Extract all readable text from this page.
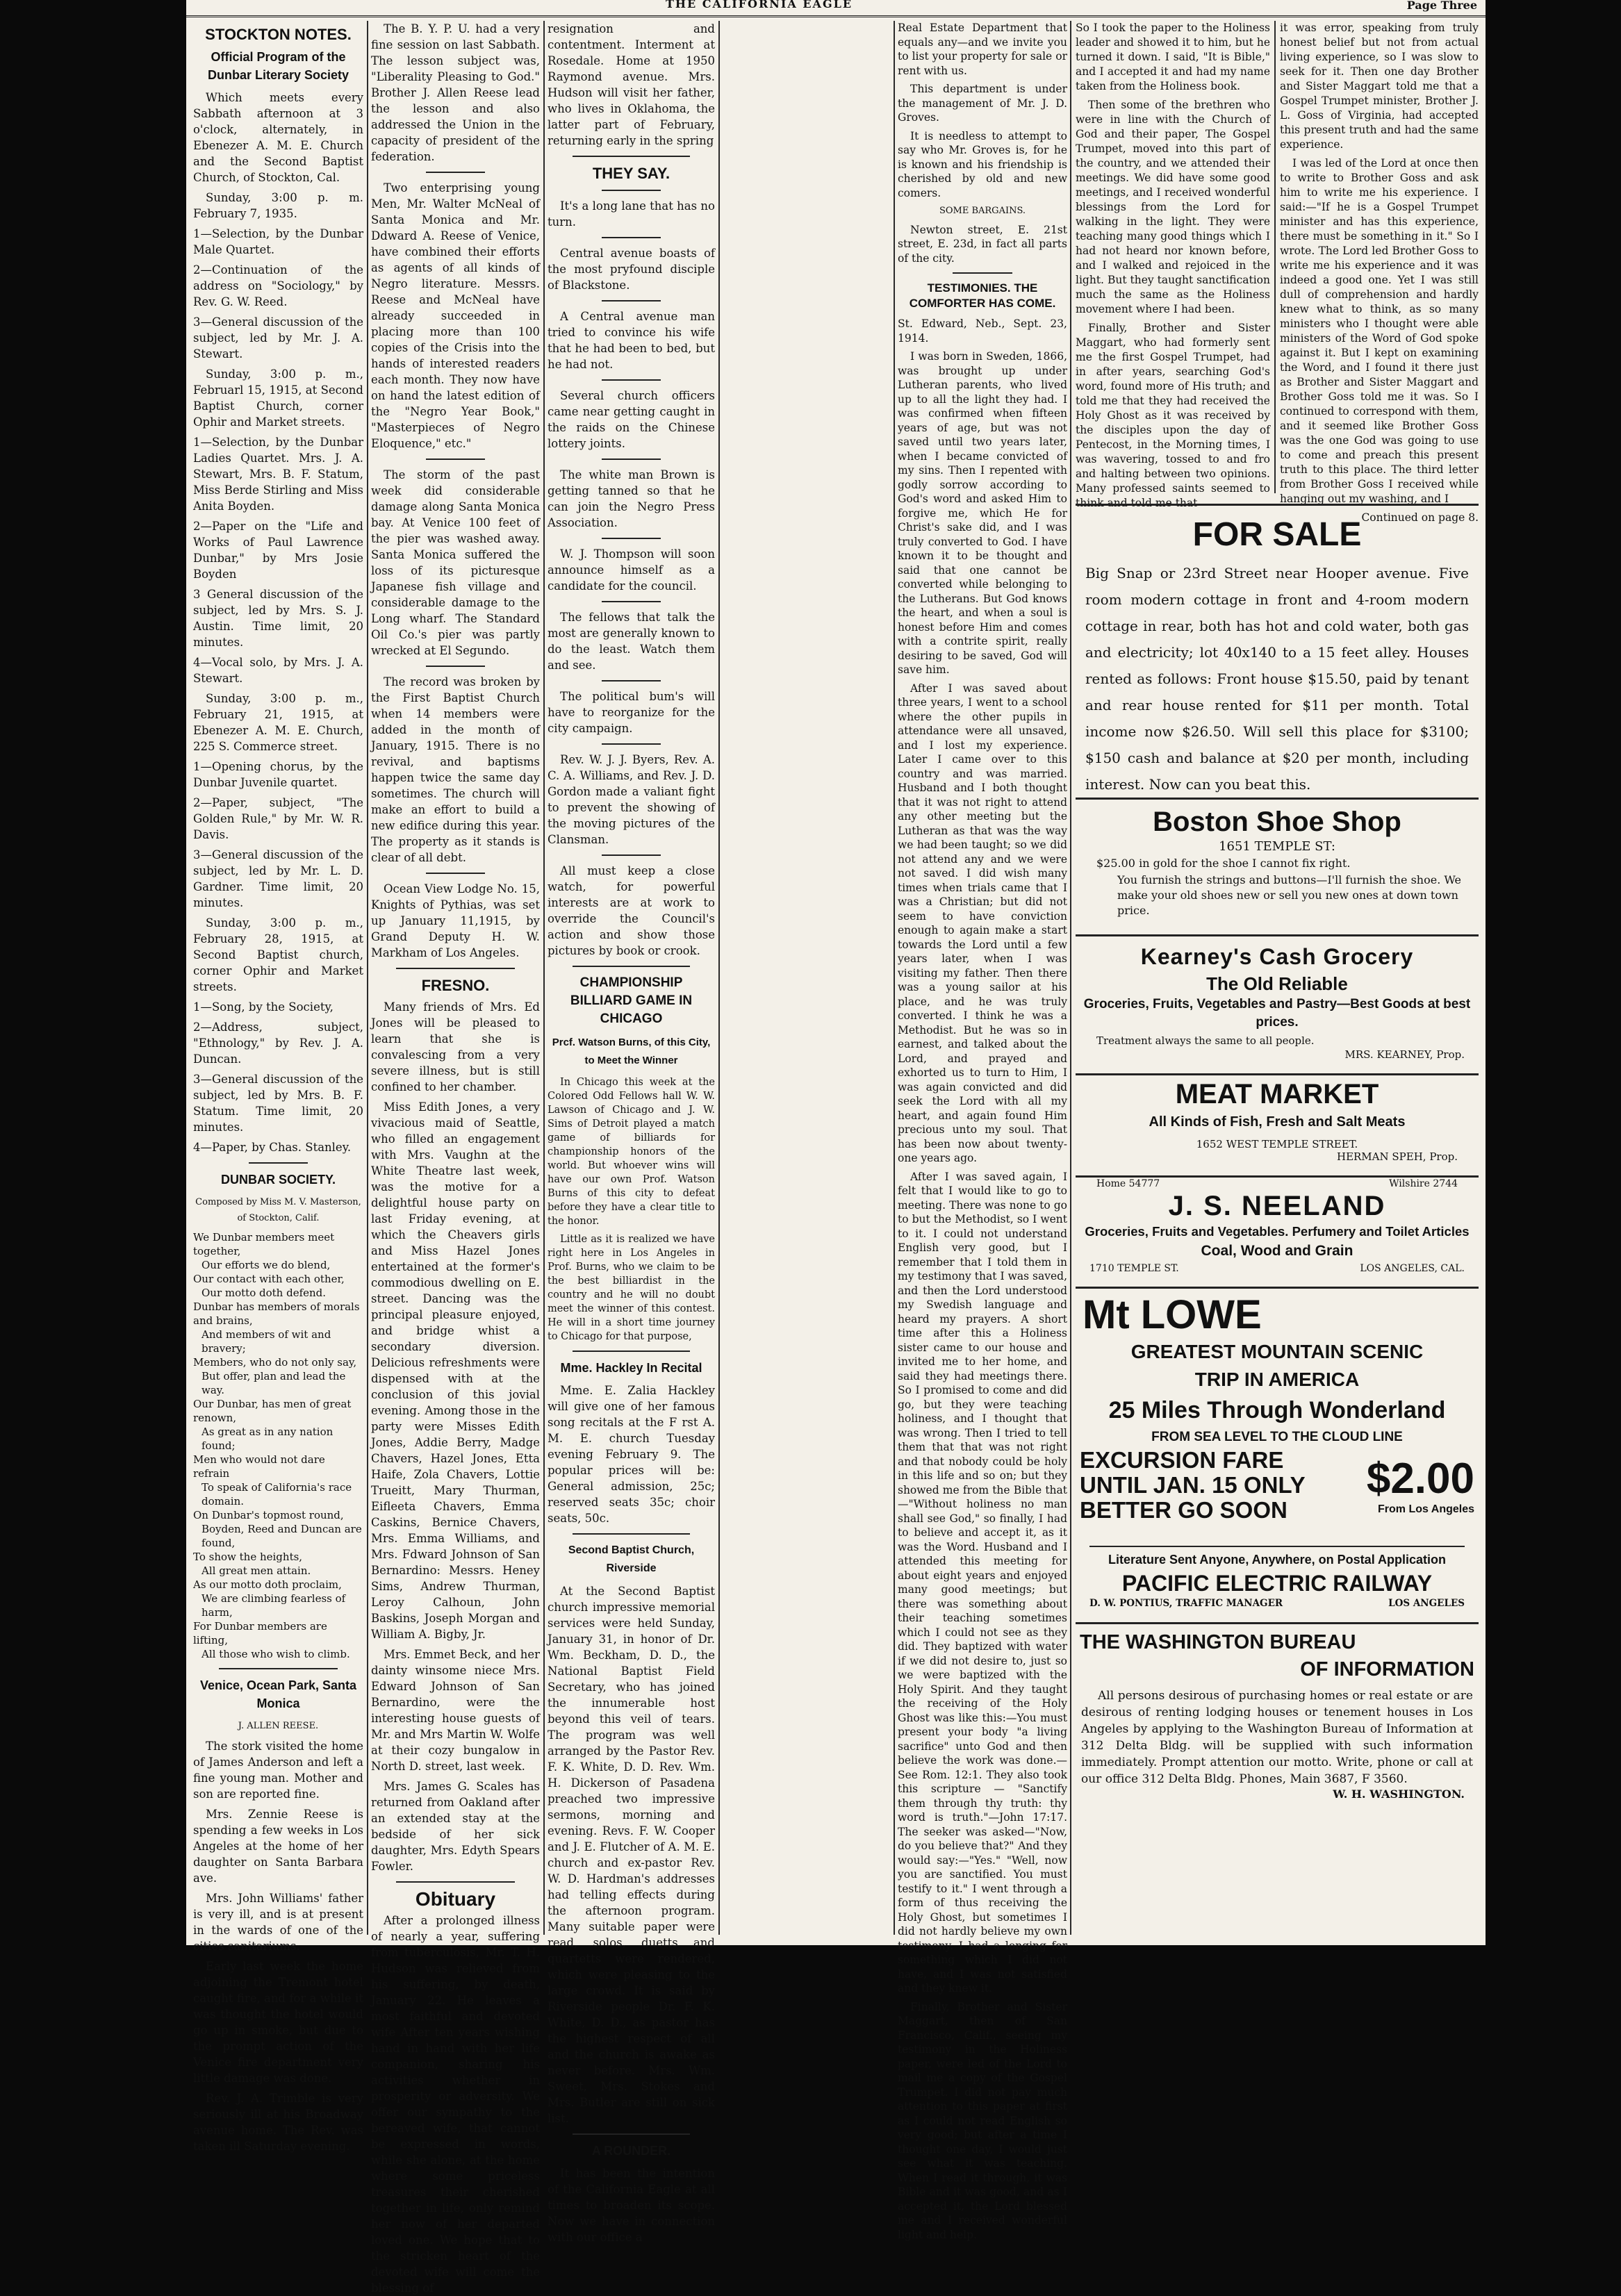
THE CALIFORNIA EAGLE	Page Three
STOCKTON NOTES.
Official Program of the Dunbar Literary Society

Which meets every Sabbath afternoon at 3 o'clock, alternately, in Ebenezer A. M. E. Church and the Second Baptist Church, of Stockton, Cal.

Sunday, 3:00 p. m. February 7, 1935.

1—Selection, by the Dunbar Male Quartet.

2—Continuation of the address on "Sociology," by Rev. G. W. Reed.

3—General discussion of the subject, led by Mr. J. A. Stewart.

Sunday, 3:00 p. m., Februarl 15, 1915, at Second Baptist Church, corner Ophir and Market streets.

1—Selection, by the Dunbar Ladies Quartet. Mrs. J. A. Stewart, Mrs. B. F. Statum, Miss Berde Stirling and Miss Anita Boyden.

2—Paper on the "Life and Works of Paul Lawrence Dunbar," by Mrs Josie Boyden

3 General discussion of the subject, led by Mrs. S. J. Austin. Time limit, 20 minutes.

4—Vocal solo, by Mrs. J. A. Stewart.

Sunday, 3:00 p. m., February 21, 1915, at Ebenezer A. M. E. Church, 225 S. Commerce street.

1—Opening chorus, by the Dunbar Juvenile quartet.

2—Paper, subject, "The Golden Rule," by Mr. W. R. Davis.

3—General discussion of the subject, led by Mr. L. D. Gardner. Time limit, 20 minutes.

Sunday, 3:00 p. m., February 28, 1915, at Second Baptist church, corner Ophir and Market streets.

1—Song, by the Society,

2—Address, subject, "Ethnology," by Rev. J. A. Duncan.

3—General discussion of the subject, led by Mrs. B. F. Statum. Time limit, 20 minutes.

4—Paper, by Chas. Stanley.

DUNBAR SOCIETY.

Composed by Miss M. V. Masterson, of Stockton, Calif.

We Dunbar members meet together,

Our efforts we do blend,

Our contact with each other,

Our motto doth defend.

Dunbar has members of morals and brains,

And members of wit and bravery;

Members, who do not only say,

But offer, plan and lead the way.

Our Dunbar, has men of great renown,

As great as in any nation found;

Men who would not dare refrain

To speak of California's race domain.

On Dunbar's topmost round,

Boyden, Reed and Duncan are found,

To show the heights,

All great men attain.

As our motto doth proclaim,

We are climbing fearless of harm,

For Dunbar members are lifting,

All those who wish to climb.

Venice, Ocean Park, Santa Monica

J. ALLEN REESE.

The stork visited the home of James Anderson and left a fine young man. Mother and son are reported fine.

Mrs. Zennie Reese is spending a few weeks in Los Angeles at the home of her daughter on Santa Barbara ave.

Mrs. John Williams' father is very ill, and is at present in the wards of one of the cities sanitariums.

Early last week the home adjoining the Tremont hotel caught fire, and for a while it was thought the hotel would go up in smoke, but due to the prompt action of the Venice fire department very little damage was done.

Rev. J. A. Trimble is very seriously ill at his Broadway avenue home. The Rev. was taken ill Saturday evening.

The B. Y. P. U. had a very fine session on last Sabbath. The lesson subject was, "Liberality Pleasing to God." Brother J. Allen Reese lead the lesson and also addressed the Union in the capacity of president of the federation.

Two enterprising young Men, Mr. Walter McNeal of Santa Monica and Mr. Ddward A. Reese of Venice, have combined their efforts as agents of all kinds of Negro literature. Messrs. Reese and McNeal have already succeeded in placing more than 100 copies of the Crisis into the hands of interested readers each month. They now have on hand the latest edition of the "Negro Year Book," "Masterpieces of Negro Eloquence," etc."

The storm of the past week did considerable damage along Santa Monica bay. At Venice 100 feet of the pier was washed away. Santa Monica suffered the loss of its picturesque Japanese fish village and considerable damage to the Long wharf. The Standard Oil Co.'s pier was partly wrecked at El Segundo.

The record was broken by the First Baptist Church when 14 members were added in the month of January, 1915. There is no revival, and baptisms happen twice the same day sometimes. The church will make an effort to build a new edifice during this year. The property as it stands is clear of all debt.

Ocean View Lodge No. 15, Knights of Pythias, was set up January 11,1915, by Grand Deputy H. W. Markham of Los Angeles.

FRESNO.

Many friends of Mrs. Ed Jones will be pleased to learn that she is convalescing from a very severe illness, but is still confined to her chamber.

Miss Edith Jones, a very vivacious maid of Seattle, who filled an engagement with Mrs. Vaughn at the White Theatre last week, was the motive for a delightful house party on last Friday evening, at which the Cheavers girls and Miss Hazel Jones entertained at the former's commodious dwelling on E. street. Dancing was the principal pleasure enjoyed, and bridge whist a secondary diversion. Delicious refreshments were dispensed with at the conclusion of this jovial evening. Among those in the party were Misses Edith Jones, Addie Berry, Madge Chavers, Hazel Jones, Etta Haife, Zola Chavers, Lottie Trueitt, Mary Thurman, Eifleeta Chavers, Emma Caskins, Bernice Chavers, Mrs. Emma Williams, and Mrs. Fdward Johnson of San Bernardino: Messrs. Heney Sims, Andrew Thurman, Leroy Calhoun, John Baskins, Joseph Morgan and William A. Bigby, Jr.

Mrs. Emmet Beck, and her dainty winsome niece Mrs. Edward Johnson of San Bernardino, were the interesting house guests of Mr. and Mrs Martin W. Wolfe at their cozy bungalow in North D. street, last week.

Mrs. James G. Scales has returned from Oakland after an extended stay at the bedside of her sick daughter, Mrs. Edyth Spears Fowler.

Obituary

After a prolonged illness of nearly a year, suffering from tuberculosis, Mr. T. H. Hudson was relieved from his suffering, by death, January 22. He leaves a most faithful and devoted wife After ten years wishing hand in hand with her life companion, sharing his activities whether in prosperity or adversity. We offer our sympathy to the bereaved wife, that cannot be expressed in words, while she alone, at the home where some priceless treasures their cherished together in life, only remind her now of her departed loved one. We hope that to the stricken heart of the devoted wife will come the blessing of

resignation and contentment. Interment at Rosedale. Home at 1950 Raymond avenue. Mrs. Hudson will visit her father, who lives in Oklahoma, the latter part of February, returning early in the spring

THEY SAY.

It's a long lane that has no turn.

Central avenue boasts of the most pryfound disciple of Blackstone.

A Central avenue man tried to convince his wife that he had been to bed, but he had not.

Several church officers came near getting caught in the raids on the Chinese lottery joints.

The white man Brown is getting tanned so that he can join the Negro Press Association.

W. J. Thompson will soon announce himself as a candidate for the council.

The fellows that talk the most are generally known to do the least. Watch them and see.

The political bum's will have to reorganize for the city campaign.

Rev. W. J. J. Byers, Rev. A. C. A. Williams, and Rev. J. D. Gordon made a valiant fight to prevent the showing of the moving pictures of the Clansman.

All must keep a close watch, for powerful interests are at work to override the Council's action and show those pictures by book or crook.

CHAMPIONSHIP BILLIARD GAME IN CHICAGO
Prcf. Watson Burns, of this City, to Meet the Winner

In Chicago this week at the Colored Odd Fellows hall W. W. Lawson of Chicago and J. W. Sims of Detroit played a match game of billiards for championship honors of the world. But whoever wins will have our own Prof. Watson Burns of this city to defeat before they have a clear title to the honor.

Little as it is realized we have right here in Los Angeles in Prof. Burns, who we claim to be the best billiardist in the country and he will no doubt meet the winner of this contest. He will in a short time journey to Chicago for that purpose,

Mme. Hackley In Recital

Mme. E. Zalia Hackley will give one of her famous song recitals at the F rst A. M. E. church Tuesday evening February 9. The popular prices will be: General admission, 25c; reserved seats 35c; choir seats, 50c.

Second Baptist Church, Riverside

At the Second Baptist church impressive memorial services were held Sunday, January 31, in honor of Dr. Wm. Beckham, D. D., the National Baptist Field Secretary, who has joined the innumerable host beyond this veil of tears. The program was well arranged by the Pastor Rev. F. K. White, D. D. Rev. Wm. H. Dickerson of Pasadena preached two impressive sermons, morning and evening. Revs. F. W. Cooper and J. E. Flutcher of A. M. E. church and ex-pastor Rev. W. D. Hardman's addresses had telling effects during the afternoon program. Many suitable paper were read, solos, duetts and quartetts were rendered, which were pleasing to the large crowd. It is said by Riverside people Dr. F. K. White, D. D., as pastor has the highest respect of all and the church is awake as never before. Mrs. Wm. Sweet, Mrs. Stokes and Mrs. Butler are still on sick list.

A ROUNDER.

It has been the intention of the California Eagle at all times to broaden its scope. Now we have in connection with our office a

Real Estate Department that equals any—and we invite you to list your property for sale or rent with us.

This department is under the management of Mr. J. D. Groves.

It is needless to attempt to say who Mr. Groves is, for he is known and his friendship is cherished by old and new comers.

SOME BARGAINS.

Newton street, E. 21st street, E. 23d, in fact all parts of the city.

TESTIMONIES. THE COMFORTER HAS COME.

St. Edward, Neb., Sept. 23, 1914.

I was born in Sweden, 1866, was brought up under Lutheran parents, who lived up to all the light they had. I was confirmed when fifteen years of age, but was not saved until two years later, when I became convicted of my sins. Then I repented with godly sorrow according to God's word and asked Him to forgive me, which He for Christ's sake did, and I was truly converted to God. I have known it to be thought and said that one cannot be converted while belonging to the Lutherans. But God knows the heart, and when a soul is honest before Him and comes with a contrite spirit, really desiring to be saved, God will save him.

After I was saved about three years, I went to a school where the other pupils in attendance were all unsaved, and I lost my experience. Later I came over to this country and was married. Husband and I both thought that it was not right to attend any other meeting but the Lutheran as that was the way we had been taught; so we did not attend any and we were not saved. I did wish many times when trials came that I was a Christian; but did not seem to have conviction enough to again make a start towards the Lord until a few years later, when I was visiting my father. Then there was a young sailor at his place, and he was truly converted. I think he was a Methodist. But he was so in earnest, and talked about the Lord, and prayed and exhorted us to turn to Him, I was again convicted and did seek the Lord with all my heart, and again found Him precious unto my soul. That has been now about twenty-one years ago.

After I was saved again, I felt that I would like to go to meeting. There was none to go to but the Methodist, so I went to it. I could not understand English very good, but I remember that I told them in my testimony that I was saved, and then the Lord understood my Swedish language and heard my prayers. A short time after this a Holiness sister came to our house and invited me to her home, and said they had meetings there. So I promised to come and did go, but they were teaching holiness, and I thought that was wrong. Then I tried to tell them that that was not right and that nobody could be holy in this life and so on; but they showed me from the Bible that—"Without holiness no man shall see God," so finally, I had to believe and accept it, as it was the Word. Husband and I attended this meeting for about eight years and enjoyed many good meetings; but there was something about their teaching sometimes which I could not see as they did. They baptized with water if we did not desire to, just so we were baptized with the Holy Spirit. And they taught the receiving of the Holy Ghost was like this:—You must present your body "a living sacrifice" unto God and then believe the work was done.—See Rom. 12:1. They also took this scripture — "Sanctify them through thy truth: thy word is truth."—John 17:17. The seeker was asked—"Now, do you believe that?" And they would say:—"Yes." "Well, now you are sanctified. You must testify to it." I went through a form of thus receiving the Holy Ghost, but sometimes I did not hardly believe my own testimony. I had a longing for something which I did not have, and I was not satisfied and they knew it.

Finally, Brother and Sister Maggart, then of San Francisco, Calif., seeing my testimony in the Holiness paper, were led of the Lord to mail me a copy of the Gospel Trumpet. I did not pay much attention to this paper at first as I could not read English so very good; but after a time I thought one day, I would just see what it was teaching. When I read it through, it was Bible and it was good, and as I accepted it, the Lord blessed me and I received wonderful light and help.

So I took the paper to the Holiness leader and showed it to him, but he turned it down. I said, "It is Bible," and I accepted it and had my name taken from the Holiness book.

Then some of the brethren who were in line with the Church of God and their paper, The Gospel Trumpet, moved into this part of the country, and we attended their meetings. We did have some good meetings, and I received wonderful blessings from the Lord for walking in the light. They were teaching many good things which I had not heard nor known before, and I walked and rejoiced in the light. But they taught sanctification much the same as the Holiness movement where I had been.

Finally, Brother and Sister Maggart, who had formerly sent me the first Gospel Trumpet, had in after years, searching God's word, found more of His truth; and told me that they had received the Holy Ghost as it was received by the disciples upon the day of Pentecost, in the Morning times, I was wavering, tossed to and fro and halting between two opinions. Many professed saints seemed to think and told me that

it was error, speaking from truly honest belief but not from actual living experience, so I was slow to seek for it. Then one day Brother and Sister Maggart told me that a Gospel Trumpet minister, Brother J. L. Goss of Virginia, had accepted this present truth and had the same experience.

I was led of the Lord at once then to write to Brother Goss and ask him to write me his experience. I said:—"If he is a Gospel Trumpet minister and has this experience, there must be something in it." So I wrote. The Lord led Brother Goss to write me his experience and it was indeed a good one. Yet I was still dull of comprehension and hardly knew what to think, as so many ministers who I thought were able ministers of the Word of God spoke against it. But I kept on examining the Word, and I found it there just as Brother and Sister Maggart and Brother Goss told me it was. So I continued to correspond with them, and it seemed like Brother Goss was the one God was going to use to come and preach this present truth to this place. The third letter from Brother Goss I received while hanging out my washing, and I

Continued on page 8.

FOR SALE
Big Snap or 23rd Street near Hooper avenue. Five room modern cottage in front and 4-room modern cottage in rear, both has hot and cold water, both gas and electricity; lot 40x140 to a 15 feet alley. Houses rented as follows: Front house $15.50, paid by tenant and rear house rented for $11 per month. Total income now $26.50. Will sell this place for $3100; $150 cash and balance at $20 per month, including interest. Now can you beat this.
Boston Shoe Shop
1651 TEMPLE ST:
$25.00 in gold for the shoe I cannot fix right.
You furnish the strings and buttons—I'll furnish the shoe. We make your old shoes new or sell you new ones at down town price.
Kearney's Cash Grocery
The Old Reliable
Groceries, Fruits, Vegetables and Pastry—Best Goods at best prices.
Treatment always the same to all people.
MRS. KEARNEY, Prop.
MEAT MARKET
All Kinds of Fish, Fresh and Salt Meats
1652 WEST TEMPLE STREET.
HERMAN SPEH, Prop.
Home 54777	Wilshire 2744
J. S. NEELAND
Groceries, Fruits and Vegetables. Perfumery and Toilet Articles
Coal, Wood and Grain
1710 TEMPLE ST.	LOS ANGELES, CAL.
Mt LOWE
GREATEST MOUNTAIN SCENIC
TRIP IN AMERICA
25 Miles Through Wonderland
FROM SEA LEVEL TO THE CLOUD LINE
EXCURSION FARE
UNTIL JAN. 15 ONLY
BETTER GO SOON
$2.00
From Los Angeles
Literature Sent Anyone, Anywhere, on Postal Application
PACIFIC ELECTRIC RAILWAY
D. W. PONTIUS, TRAFFIC MANAGER	LOS ANGELES
THE WASHINGTON BUREAU
OF INFORMATION
All persons desirous of purchasing homes or real estate or are desirous of renting lodging houses or tenement houses in Los Angeles by applying to the Washington Bureau of Information at 312 Delta Bldg. will be supplied with such information immediately. Prompt attention our motto. Write, phone or call at our office 312 Delta Bldg. Phones, Main 3687, F 3560.
W. H. WASHINGTON.
